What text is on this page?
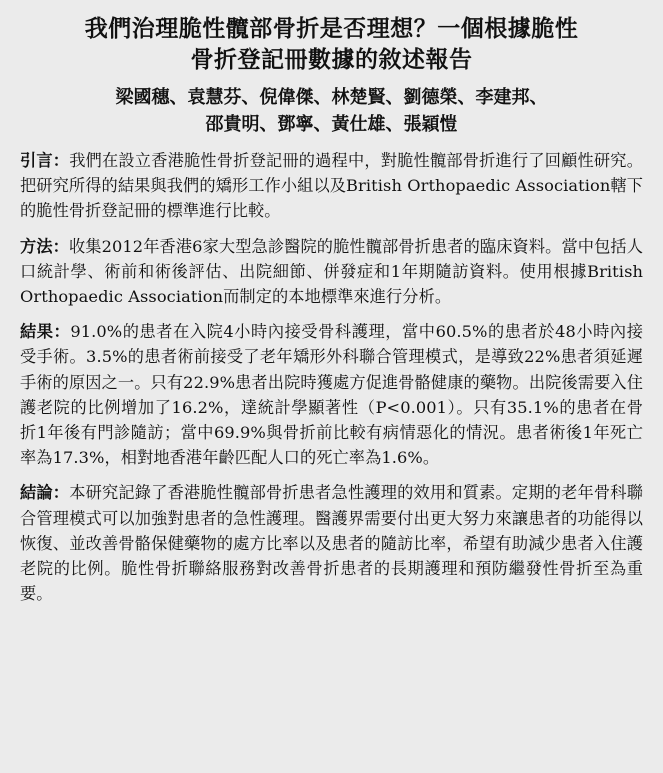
我們治理脆性髖部骨折是否理想？一個根據脆性
骨折登記冊數據的敘述報告
梁國穗、袁慧芬、倪偉傑、林楚賢、劉德榮、李建邦、
邵貴明、鄧寧、黃仕雄、張穎愷

引言：我們在設立香港脆性骨折登記冊的過程中，對脆性髖部骨折進行了回顧性研究。把研究所得的結果與我們的矯形工作小組以及British Orthopaedic Association轄下的脆性骨折登記冊的標準進行比較。

方法：收集2012年香港6家大型急診醫院的脆性髖部骨折患者的臨床資料。當中包括人口統計學、術前和術後評估、出院細節、併發症和1年期隨訪資料。使用根據British Orthopaedic Association而制定的本地標準來進行分析。

結果：91.0%的患者在入院4小時內接受骨科護理，當中60.5%的患者於48小時內接受手術。3.5%的患者術前接受了老年矯形外科聯合管理模式，是導致22%患者須延遲手術的原因之一。只有22.9%患者出院時獲處方促進骨骼健康的藥物。出院後需要入住護老院的比例增加了16.2%，達統計學顯著性（P<0.001）。只有35.1%的患者在骨折1年後有門診隨訪；當中69.9%與骨折前比較有病情惡化的情況。患者術後1年死亡率為17.3%，相對地香港年齡匹配人口的死亡率為1.6%。

結論：本研究記錄了香港脆性髖部骨折患者急性護理的效用和質素。定期的老年骨科聯合管理模式可以加強對患者的急性護理。醫護界需要付出更大努力來讓患者的功能得以恢復、並改善骨骼保健藥物的處方比率以及患者的隨訪比率，希望有助減少患者入住護老院的比例。脆性骨折聯絡服務對改善骨折患者的長期護理和預防繼發性骨折至為重要。
